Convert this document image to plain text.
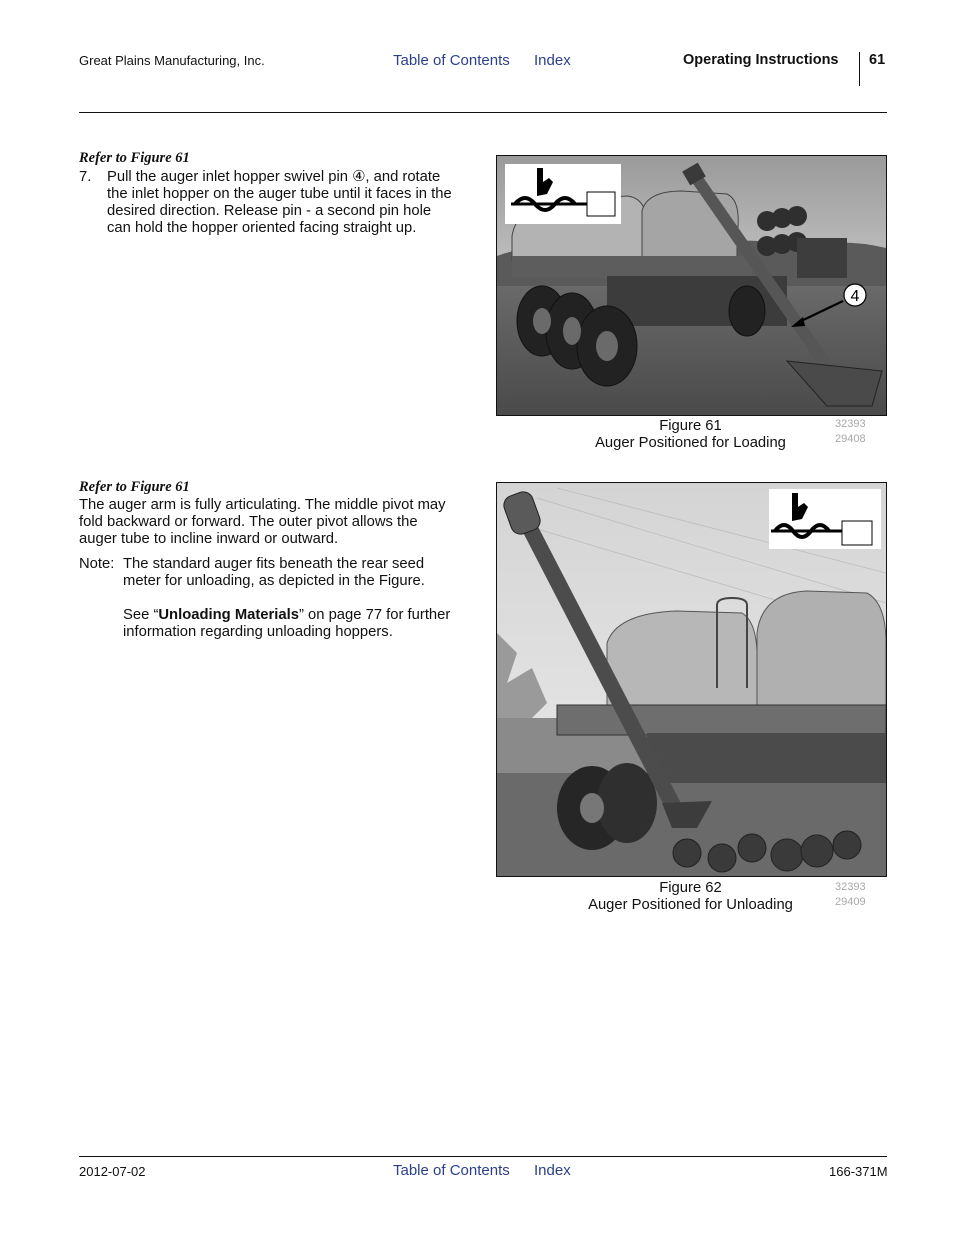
Great Plains Manufacturing, Inc.	Table of Contents Index	Operating Instructions 61
Refer to Figure 61
7. Pull the auger inlet hopper swivel pin ④, and rotate
the inlet hopper on the auger tube until it faces in the
desired direction. Release pin - a second pin hole
can hold the hopper oriented facing straight up.
4
Figure 61
Auger Positioned for Loading
32393
29408
Refer to Figure 61
The auger arm is fully articulating. The middle pivot may
fold backward or forward. The outer pivot allows the
auger tube to incline inward or outward.
Note: The standard auger fits beneath the rear seed
meter for unloading, as depicted in the Figure.
See “Unloading Materials” on page 77 for further
information regarding unloading hoppers.
Figure 62
Auger Positioned for Unloading
32393
29409
2012-07-02	Table of Contents Index	166-371M
